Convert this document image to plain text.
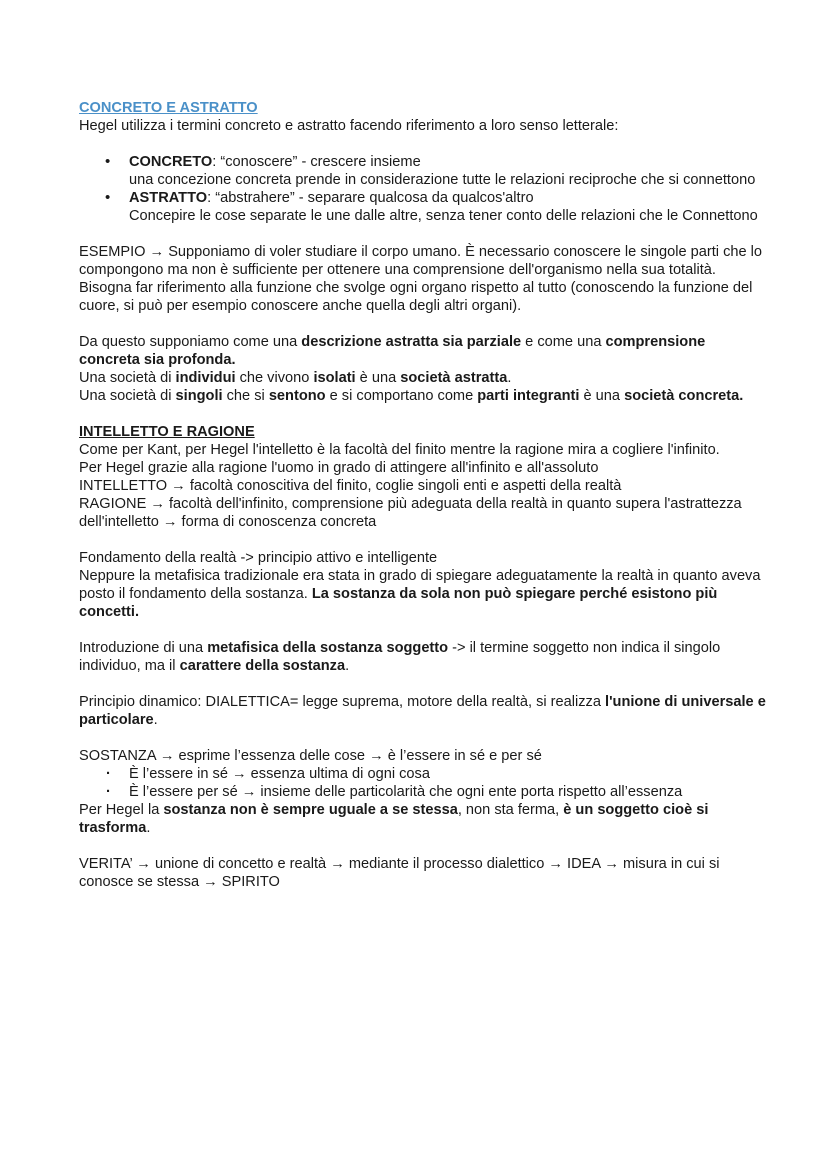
CONCRETO E ASTRATTO

Hegel utilizza i termini concreto e astratto facendo riferimento a loro senso letterale:

• CONCRETO: “conoscere” - crescere insieme
una concezione concreta prende in considerazione tutte le relazioni reciproche che si connettono
• ASTRATTO: “abstrahere” - separare qualcosa da qualcos'altro
Concepire le cose separate le une dalle altre, senza tener conto delle relazioni che le Connettono

ESEMPIO → Supponiamo di voler studiare il corpo umano. È necessario conoscere le singole parti che lo compongono ma non è sufficiente per ottenere una comprensione dell'organismo nella sua totalità. Bisogna far riferimento alla funzione che svolge ogni organo rispetto al tutto (conoscendo la funzione del cuore, si può per esempio conoscere anche quella degli altri organi).

Da questo supponiamo come una descrizione astratta sia parziale e come una comprensione concreta sia profonda.

Una società di individui che vivono isolati è una società astratta.

Una società di singoli che si sentono e si comportano come parti integranti è una società concreta.

INTELLETTO E RAGIONE

Come per Kant, per Hegel l'intelletto è la facoltà del finito mentre la ragione mira a cogliere l'infinito.

Per Hegel grazie alla ragione l'uomo in grado di attingere all'infinito e all'assoluto

INTELLETTO → facoltà conoscitiva del finito, coglie singoli enti e aspetti della realtà

RAGIONE → facoltà dell'infinito, comprensione più adeguata della realtà in quanto supera l'astrattezza dell'intelletto → forma di conoscenza concreta

Fondamento della realtà -> principio attivo e intelligente

Neppure la metafisica tradizionale era stata in grado di spiegare adeguatamente la realtà in quanto aveva posto il fondamento della sostanza. La sostanza da sola non può spiegare perché esistono più concetti.

Introduzione di una metafisica della sostanza soggetto -> il termine soggetto non indica il singolo individuo, ma il carattere della sostanza.

Principio dinamico: DIALETTICA= legge suprema, motore della realtà, si realizza l'unione di universale e particolare.

SOSTANZA → esprime l’essenza delle cose → è l’essere in sé e per sé

· È l’essere in sé → essenza ultima di ogni cosa
· È l’essere per sé → insieme delle particolarità che ogni ente porta rispetto all’essenza

Per Hegel la sostanza non è sempre uguale a se stessa, non sta ferma, è un soggetto cioè si trasforma.

VERITA’ → unione di concetto e realtà → mediante il processo dialettico → IDEA → misura in cui si conosce se stessa → SPIRITO
